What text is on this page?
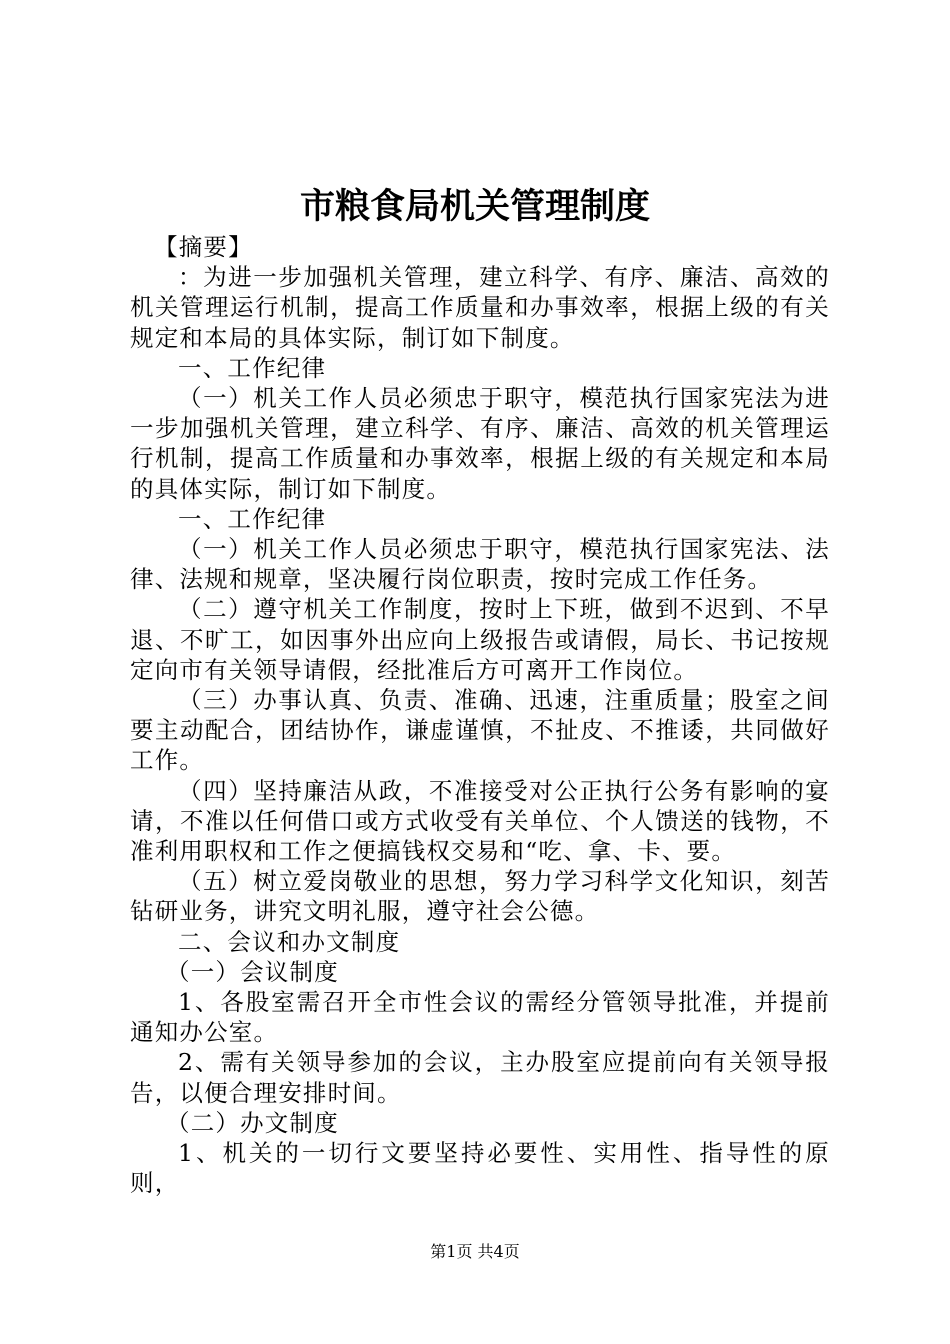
市粮食局机关管理制度

【摘要】

：为进一步加强机关管理，建立科学、有序、廉洁、高效的机关管理运行机制，提高工作质量和办事效率，根据上级的有关规定和本局的具体实际，制订如下制度。

一、工作纪律

（一）机关工作人员必须忠于职守，模范执行国家宪法为进一步加强机关管理，建立科学、有序、廉洁、高效的机关管理运行机制，提高工作质量和办事效率，根据上级的有关规定和本局的具体实际，制订如下制度。

一、工作纪律

（一）机关工作人员必须忠于职守，模范执行国家宪法、法律、法规和规章，坚决履行岗位职责，按时完成工作任务。

（二）遵守机关工作制度，按时上下班，做到不迟到、不早退、不旷工，如因事外出应向上级报告或请假，局长、书记按规定向市有关领导请假，经批准后方可离开工作岗位。

（三）办事认真、负责、准确、迅速，注重质量；股室之间要主动配合，团结协作，谦虚谨慎，不扯皮、不推诿，共同做好工作。

（四）坚持廉洁从政，不准接受对公正执行公务有影响的宴请，不准以任何借口或方式收受有关单位、个人馈送的钱物，不准利用职权和工作之便搞钱权交易和“吃、拿、卡、要。

（五）树立爱岗敬业的思想，努力学习科学文化知识，刻苦钻研业务，讲究文明礼服，遵守社会公德。

二、会议和办文制度

（一）会议制度

1、各股室需召开全市性会议的需经分管领导批准，并提前通知办公室。

2、需有关领导参加的会议，主办股室应提前向有关领导报告，以便合理安排时间。

（二）办文制度

1、机关的一切行文要坚持必要性、实用性、指导性的原则，

第1页 共4页
